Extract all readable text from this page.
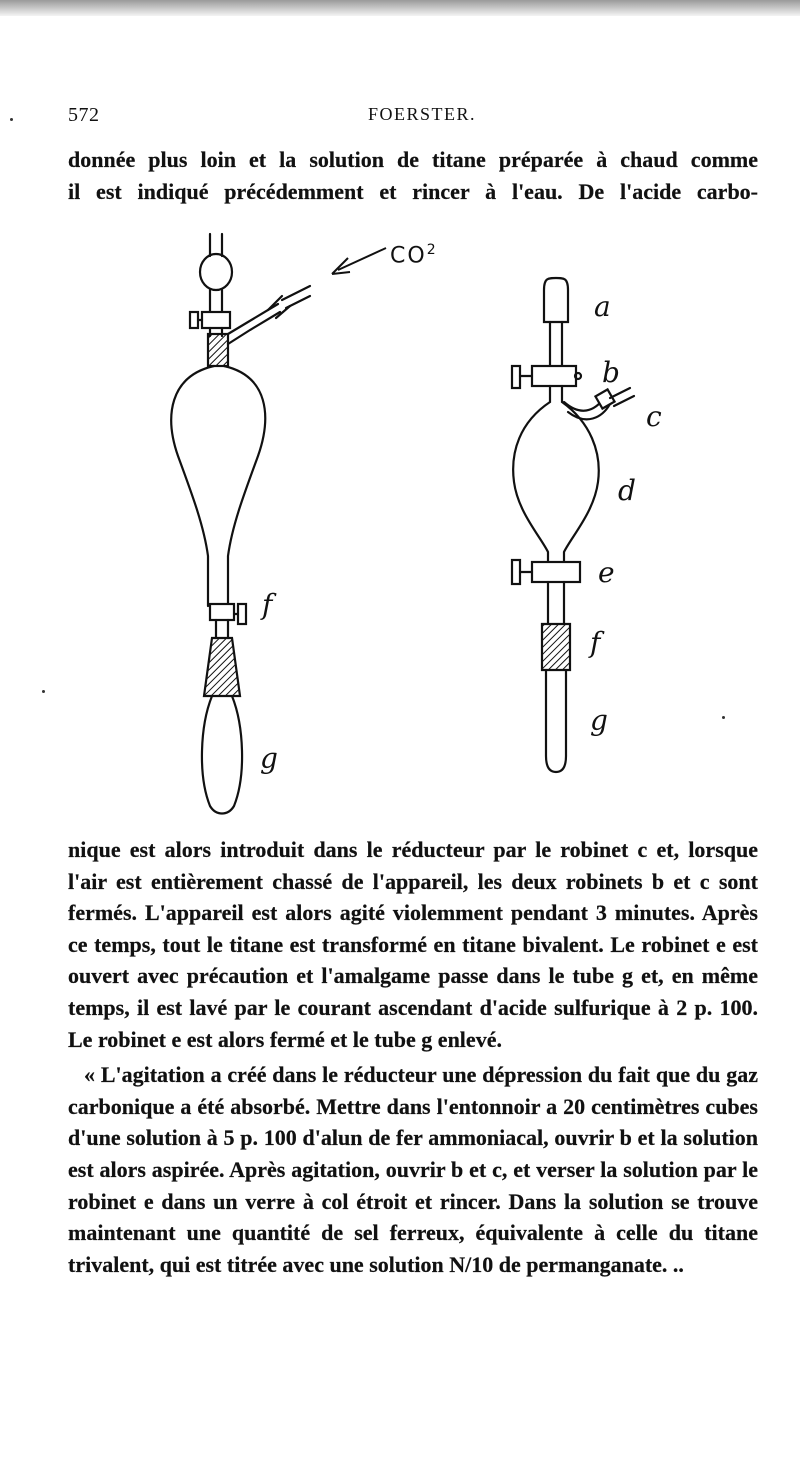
572	FOERSTER.

donnée plus loin et la solution de titane préparée à chaud comme

il est indiqué précédemment et rincer à l'eau. De l'acide carbo-

$CO^2$
f
g
a
b
c
d
e
f
g

nique est alors introduit dans le réducteur par le robinet c et, lorsque l'air est entièrement chassé de l'appareil, les deux robinets b et c sont fermés. L'appareil est alors agité violemment pendant 3 minutes. Après ce temps, tout le titane est transformé en titane bivalent. Le robinet e est ouvert avec précaution et l'amalgame passe dans le tube g et, en même temps, il est lavé par le courant ascendant d'acide sulfurique à 2 p. 100. Le robinet e est alors fermé et le tube g enlevé.

« L'agitation a créé dans le réducteur une dépression du fait que du gaz carbonique a été absorbé. Mettre dans l'entonnoir a 20 centimètres cubes d'une solution à 5 p. 100 d'alun de fer ammoniacal, ouvrir b et la solution est alors aspirée. Après agitation, ouvrir b et c, et verser la solution par le robinet e dans un verre à col étroit et rincer. Dans la solution se trouve maintenant une quantité de sel ferreux, équivalente à celle du titane trivalent, qui est titrée avec une solution N/10 de permanganate. ..
